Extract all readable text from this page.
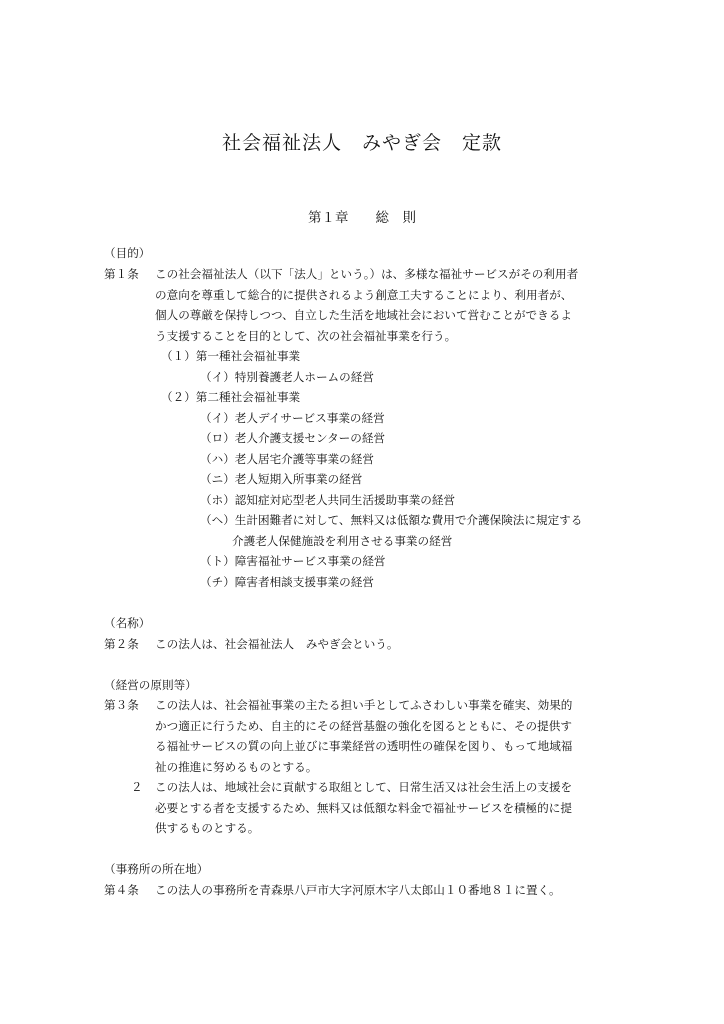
社会福祉法人　みやぎ会　定款
第１章　　総　則
（目的）
第１条 この社会福祉法人（以下「法人」という。）は、多様な福祉サービスがその利用者
の意向を尊重して総合的に提供されるよう創意工夫することにより、利用者が、
個人の尊厳を保持しつつ、自立した生活を地域社会において営むことができるよ
う支援することを目的として、次の社会福祉事業を行う。
（１）第一種社会福祉事業
（イ）特別養護老人ホームの経営
（２）第二種社会福祉事業
（イ）老人デイサービス事業の経営
（ロ）老人介護支援センターの経営
（ハ）老人居宅介護等事業の経営
（ニ）老人短期入所事業の経営
（ホ）認知症対応型老人共同生活援助事業の経営
（ヘ）生計困難者に対して、無料又は低額な費用で介護保険法に規定する
介護老人保健施設を利用させる事業の経営
（ト）障害福祉サービス事業の経営
（チ）障害者相談支援事業の経営
（名称）
第２条 この法人は、社会福祉法人　みやぎ会という。
（経営の原則等）
第３条 この法人は、社会福祉事業の主たる担い手としてふさわしい事業を確実、効果的
かつ適正に行うため、自主的にその経営基盤の強化を図るとともに、その提供す
る福祉サービスの質の向上並びに事業経営の透明性の確保を図り、もって地域福
祉の推進に努めるものとする。
２ この法人は、地域社会に貢献する取組として、日常生活又は社会生活上の支援を
必要とする者を支援するため、無料又は低額な料金で福祉サービスを積極的に提
供するものとする。
（事務所の所在地）
第４条 この法人の事務所を青森県八戸市大字河原木字八太郎山１０番地８１に置く。
